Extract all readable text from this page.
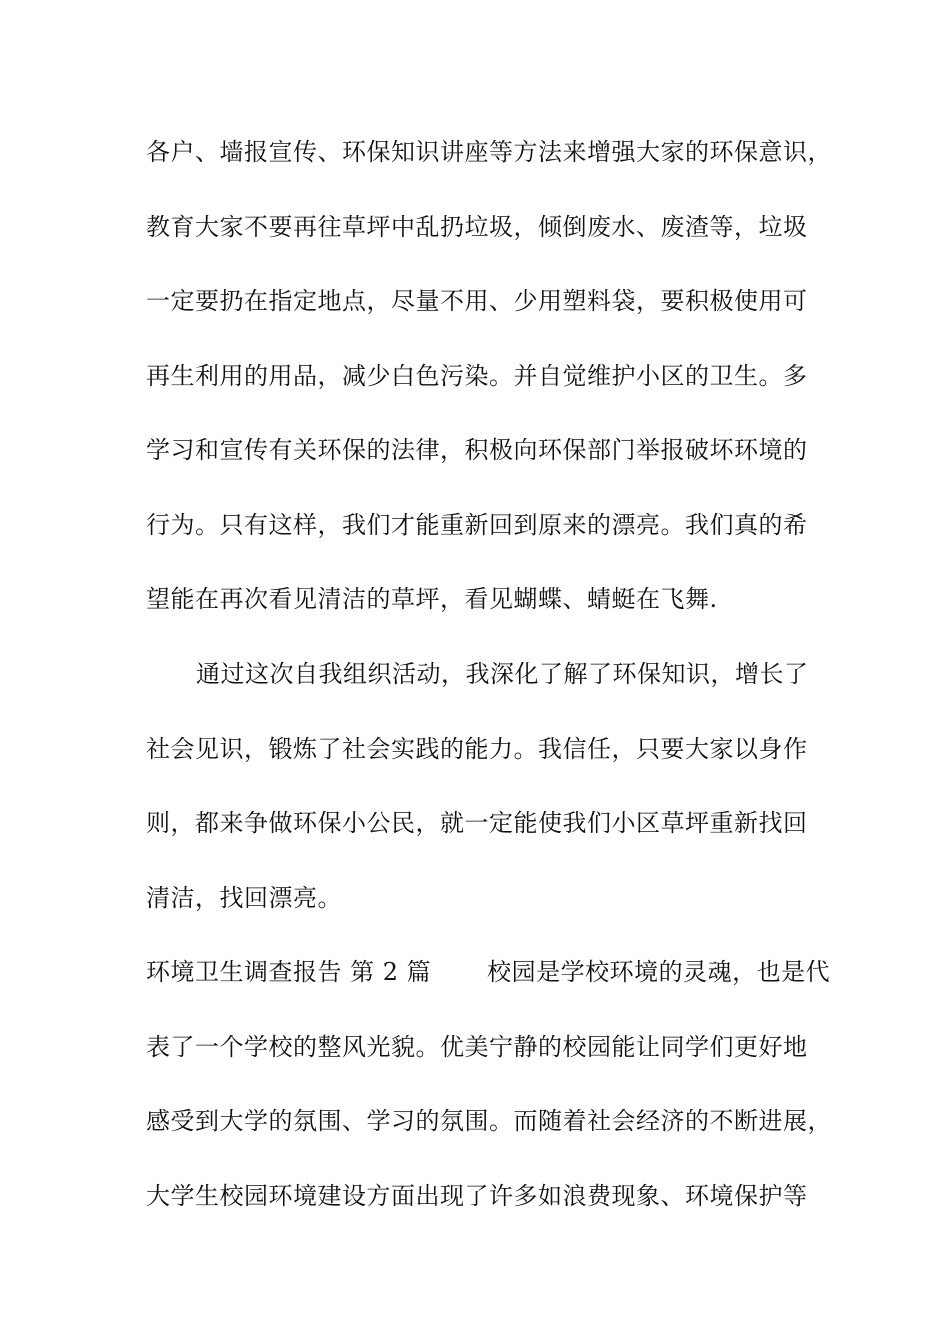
各户、墙报宣传、环保知识讲座等方法来增强大家的环保意识，
教育大家不要再往草坪中乱扔垃圾，倾倒废水、废渣等，垃圾
一定要扔在指定地点，尽量不用、少用塑料袋，要积极使用可
再生利用的用品，减少白色污染。并自觉维护小区的卫生。多
学习和宣传有关环保的法律，积极向环保部门举报破坏环境的
行为。只有这样，我们才能重新回到原来的漂亮。我们真的希
望能在再次看见清洁的草坪，看见蝴蝶、蜻蜓在飞舞.
通过这次自我组织活动，我深化了解了环保知识，增长了
社会见识，锻炼了社会实践的能力。我信任，只要大家以身作
则，都来争做环保小公民，就一定能使我们小区草坪重新找回
清洁，找回漂亮。
环境卫生调查报告 第 2 篇 校园是学校环境的灵魂，也是代
表了一个学校的整风光貌。优美宁静的校园能让同学们更好地
感受到大学的氛围、学习的氛围。而随着社会经济的不断进展，
大学生校园环境建设方面出现了许多如浪费现象、环境保护等
